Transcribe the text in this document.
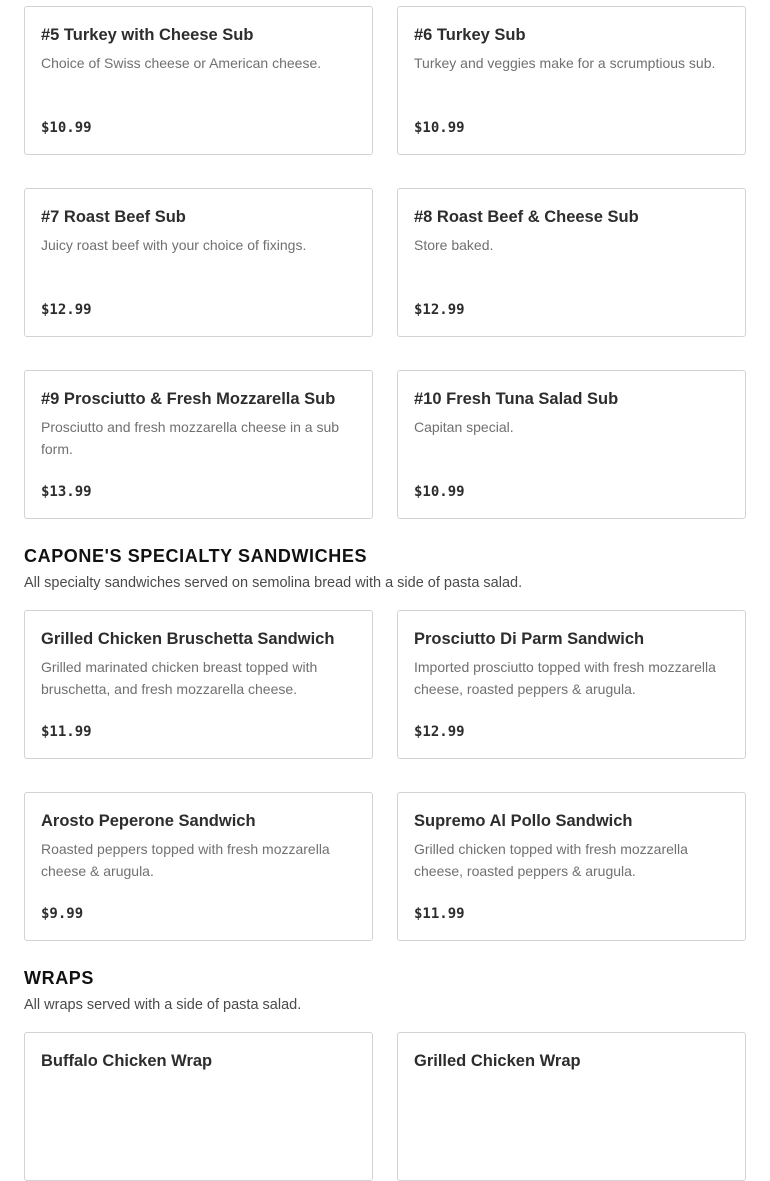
#5 Turkey with Cheese Sub
Choice of Swiss cheese or American cheese.
$10.99
#6 Turkey Sub
Turkey and veggies make for a scrumptious sub.
$10.99
#7 Roast Beef Sub
Juicy roast beef with your choice of fixings.
$12.99
#8 Roast Beef & Cheese Sub
Store baked.
$12.99
#9 Prosciutto & Fresh Mozzarella Sub
Prosciutto and fresh mozzarella cheese in a sub form.
$13.99
#10 Fresh Tuna Salad Sub
Capitan special.
$10.99
CAPONE'S SPECIALTY SANDWICHES
All specialty sandwiches served on semolina bread with a side of pasta salad.
Grilled Chicken Bruschetta Sandwich
Grilled marinated chicken breast topped with bruschetta, and fresh mozzarella cheese.
$11.99
Prosciutto Di Parm Sandwich
Imported prosciutto topped with fresh mozzarella cheese, roasted peppers & arugula.
$12.99
Arosto Peperone Sandwich
Roasted peppers topped with fresh mozzarella cheese & arugula.
$9.99
Supremo Al Pollo Sandwich
Grilled chicken topped with fresh mozzarella cheese, roasted peppers & arugula.
$11.99
WRAPS
All wraps served with a side of pasta salad.
Buffalo Chicken Wrap	Grilled Chicken Wrap
